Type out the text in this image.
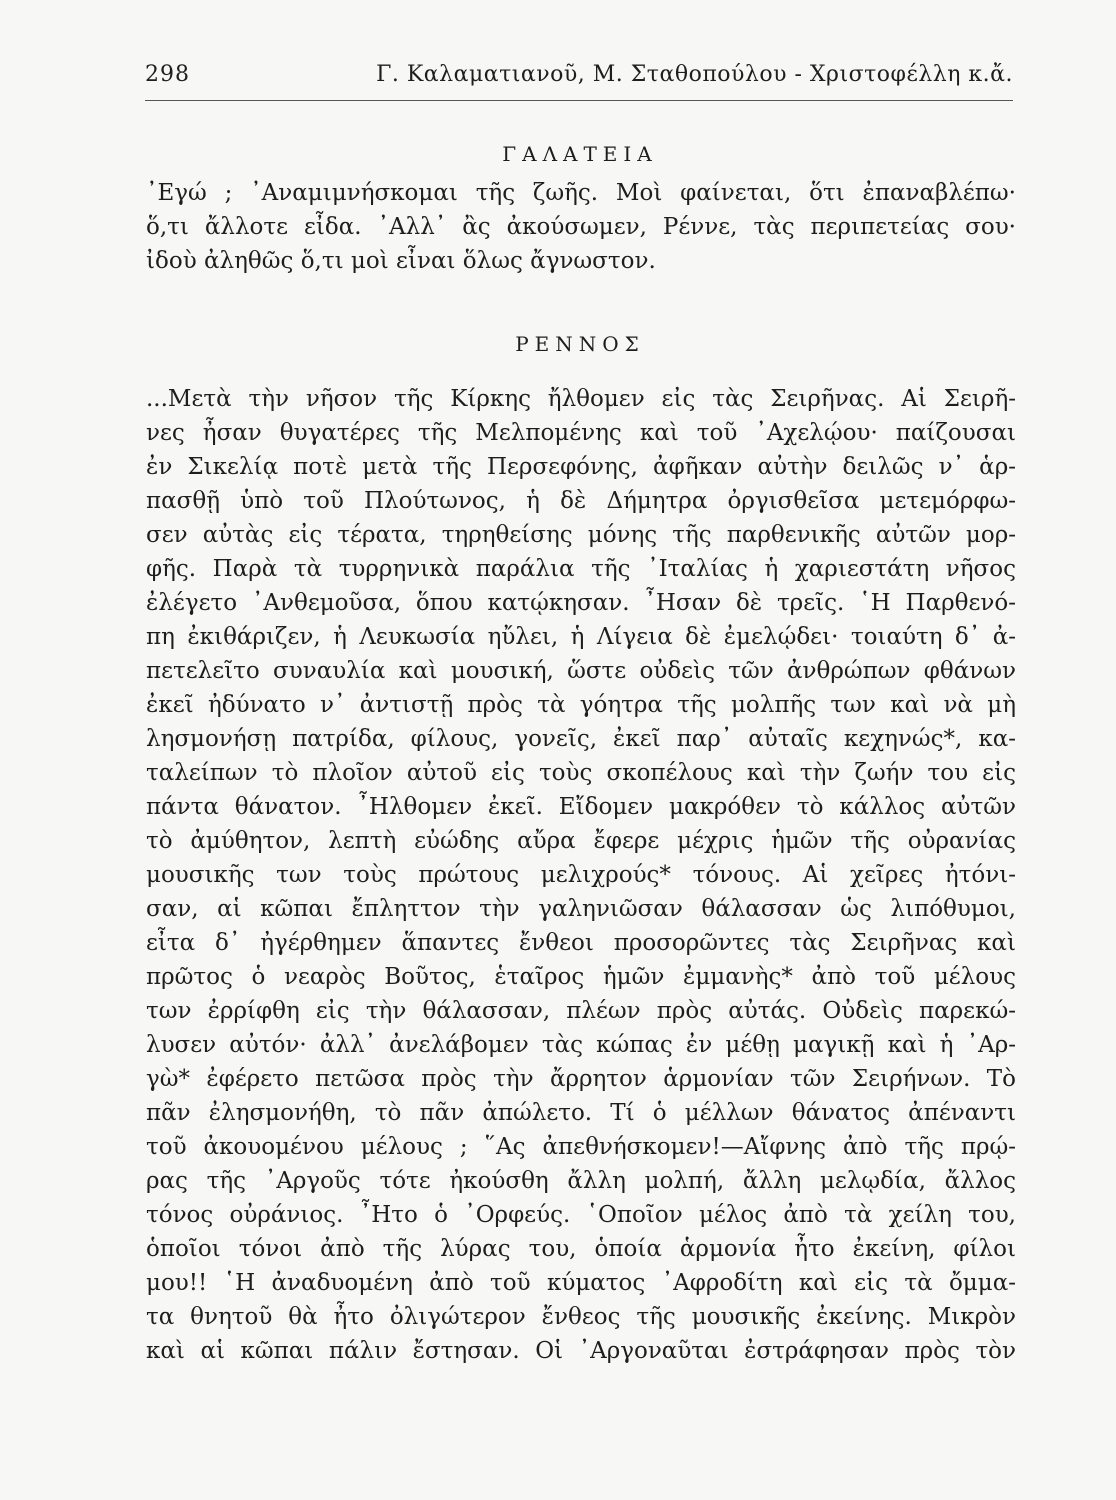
298	Γ. Καλαματιανοῦ, Μ. Σταθοπούλου - Χριστοφέλλη κ.ἄ.
ΓΑΛΑΤΕΙΑ
᾿Εγώ ; ᾿Αναμιμνήσκομαι τῆς ζωῆς. Μοὶ φαίνεται, ὅτι ἐπαναβλέπω·
ὅ,τι ἄλλοτε εἶδα. ᾿Αλλ᾿ ἂς ἀκούσωμεν, Ρέννε, τὰς περιπετείας σου·
ἰδοὺ ἀληθῶς ὅ,τι μοὶ εἶναι ὅλως ἄγνωστον.
ΡΕΝΝΟΣ
...Μετὰ τὴν νῆσον τῆς Κίρκης ἤλθομεν εἰς τὰς Σειρῆνας. Αἱ Σειρῆ-
νες ἦσαν θυγατέρες τῆς Μελπομένης καὶ τοῦ ᾿Αχελῴου· παίζουσαι
ἐν Σικελίᾳ ποτὲ μετὰ τῆς Περσεφόνης, ἀφῆκαν αὐτὴν δειλῶς ν᾿ ἁρ-
πασθῇ ὑπὸ τοῦ Πλούτωνος, ἡ δὲ Δήμητρα ὀργισθεῖσα μετεμόρφω-
σεν αὐτὰς εἰς τέρατα, τηρηθείσης μόνης τῆς παρθενικῆς αὐτῶν μορ-
φῆς. Παρὰ τὰ τυρρηνικὰ παράλια τῆς ᾿Ιταλίας ἡ χαριεστάτη νῆσος
ἐλέγετο ᾿Ανθεμοῦσα, ὅπου κατῴκησαν. ῏Ησαν δὲ τρεῖς. ῾Η Παρθενό-
πη ἐκιθάριζεν, ἡ Λευκωσία ηὔλει, ἡ Λίγεια δὲ ἐμελῴδει· τοιαύτη δ᾿ ἀ-
πετελεῖτο συναυλία καὶ μουσική, ὥστε οὐδεὶς τῶν ἀνθρώπων φθάνων
ἐκεῖ ἠδύνατο ν᾿ ἀντιστῇ πρὸς τὰ γόητρα τῆς μολπῆς των καὶ νὰ μὴ
λησμονήσῃ πατρίδα, φίλους, γονεῖς, ἐκεῖ παρ᾿ αὐταῖς κεχηνώς*, κα-
ταλείπων τὸ πλοῖον αὐτοῦ εἰς τοὺς σκοπέλους καὶ τὴν ζωήν του εἰς
πάντα θάνατον. ῏Ηλθομεν ἐκεῖ. Εἴδομεν μακρόθεν τὸ κάλλος αὐτῶν
τὸ ἀμύθητον, λεπτὴ εὐώδης αὔρα ἔφερε μέχρις ἡμῶν τῆς οὐρανίας
μουσικῆς των τοὺς πρώτους μελιχρούς* τόνους. Αἱ χεῖρες ἠτόνι-
σαν, αἱ κῶπαι ἔπληττον τὴν γαληνιῶσαν θάλασσαν ὡς λιπόθυμοι,
εἶτα δ᾿ ἠγέρθημεν ἅπαντες ἔνθεοι προσορῶντες τὰς Σειρῆνας καὶ
πρῶτος ὁ νεαρὸς Βοῦτος, ἑταῖρος ἡμῶν ἐμμανὴς* ἀπὸ τοῦ μέλους
των ἐρρίφθη εἰς τὴν θάλασσαν, πλέων πρὸς αὐτάς. Οὐδεὶς παρεκώ-
λυσεν αὐτόν· ἀλλ᾿ ἀνελάβομεν τὰς κώπας ἐν μέθῃ μαγικῇ καὶ ἡ ᾿Αρ-
γὼ* ἐφέρετο πετῶσα πρὸς τὴν ἄρρητον ἁρμονίαν τῶν Σειρήνων. Τὸ
πᾶν ἐλησμονήθη, τὸ πᾶν ἀπώλετο. Τί ὁ μέλλων θάνατος ἀπέναντι
τοῦ ἀκουομένου μέλους ; ῞Ας ἀπεθνήσκομεν!—Αἴφνης ἀπὸ τῆς πρῴ-
ρας τῆς ᾿Αργοῦς τότε ἠκούσθη ἄλλη μολπή, ἄλλη μελῳδία, ἄλλος
τόνος οὐράνιος. ῏Ητο ὁ ᾿Ορφεύς. ῾Οποῖον μέλος ἀπὸ τὰ χείλη του,
ὁποῖοι τόνοι ἀπὸ τῆς λύρας του, ὁποία ἁρμονία ἦτο ἐκείνη, φίλοι
μου!! ῾Η ἀναδυομένη ἀπὸ τοῦ κύματος ᾿Αφροδίτη καὶ εἰς τὰ ὄμμα-
τα θνητοῦ θὰ ἦτο ὀλιγώτερον ἔνθεος τῆς μουσικῆς ἐκείνης. Μικρὸν
καὶ αἱ κῶπαι πάλιν ἔστησαν. Οἱ ᾿Αργοναῦται ἐστράφησαν πρὸς τὸν
